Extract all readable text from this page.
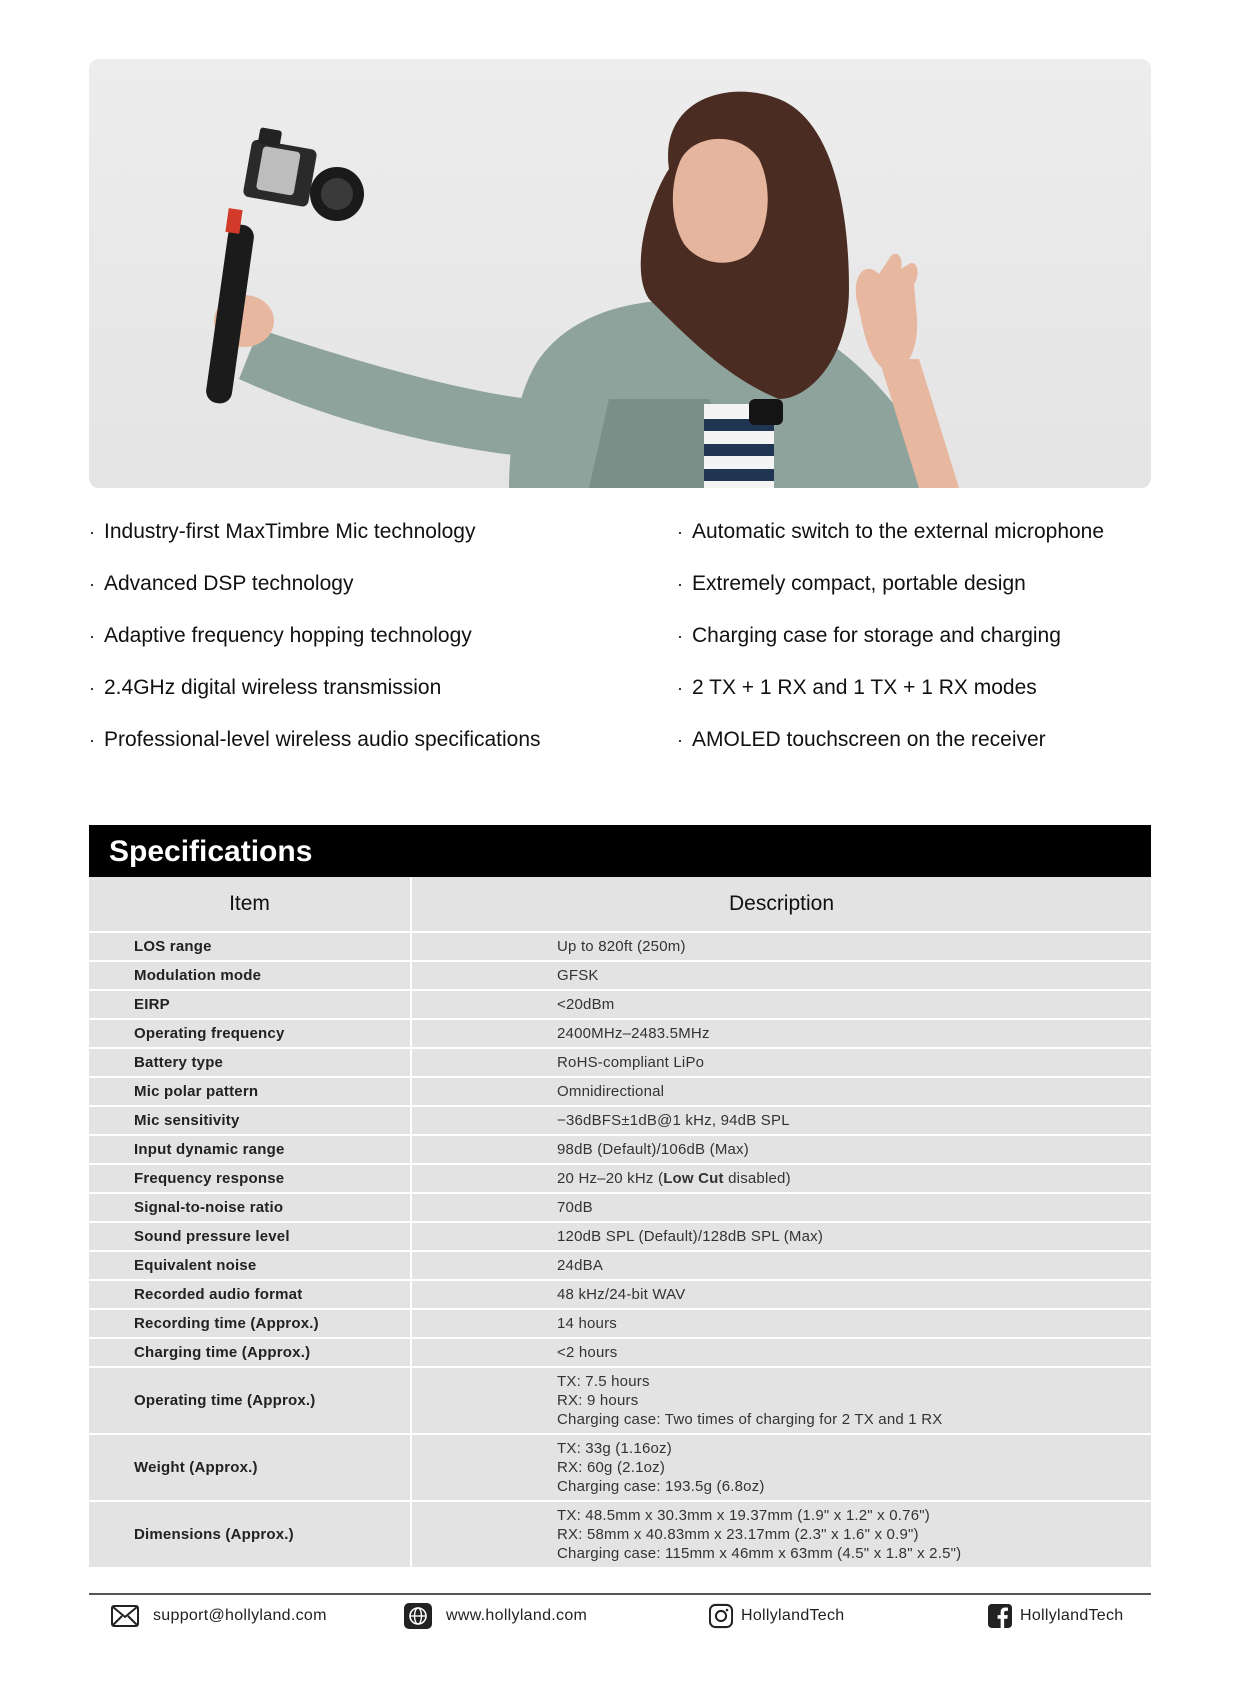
· Industry-first MaxTimbre Mic technology
· Advanced DSP technology
· Adaptive frequency hopping technology
· 2.4GHz digital wireless transmission
· Professional-level wireless audio specifications
· Automatic switch to the external microphone
· Extremely compact, portable design
· Charging case for storage and charging
· 2 TX + 1 RX and 1 TX + 1 RX modes
· AMOLED touchscreen on the receiver
Specifications
Item	Description
LOS range	Up to 820ft (250m)

Modulation mode	GFSK

EIRP	<20dBm

Operating frequency	2400MHz–2483.5MHz

Battery type	RoHS-compliant LiPo

Mic polar pattern	Omnidirectional

Mic sensitivity	−36dBFS±1dB@1 kHz, 94dB SPL

Input dynamic range	98dB (Default)/106dB (Max)

Frequency response	20 Hz–20 kHz (Low Cut disabled)

Signal-to-noise ratio	70dB

Sound pressure level	120dB SPL (Default)/128dB SPL (Max)

Equivalent noise	24dBA

Recorded audio format	48 kHz/24-bit WAV

Recording time (Approx.)	14 hours

Charging time (Approx.)	<2 hours

Operating time (Approx.)	TX: 7.5 hours
RX: 9 hours
Charging case: Two times of charging for 2 TX and 1 RX

Weight (Approx.)	TX: 33g (1.16oz)
RX: 60g (2.1oz)
Charging case: 193.5g (6.8oz)

Dimensions (Approx.)	TX: 48.5mm x 30.3mm x 19.37mm (1.9" x 1.2" x 0.76")
RX: 58mm x 40.83mm x 23.17mm (2.3" x 1.6" x 0.9")
Charging case: 115mm x 46mm x 63mm (4.5" x 1.8" x 2.5")
support@hollyland.com	www.hollyland.com	HollylandTech	HollylandTech
